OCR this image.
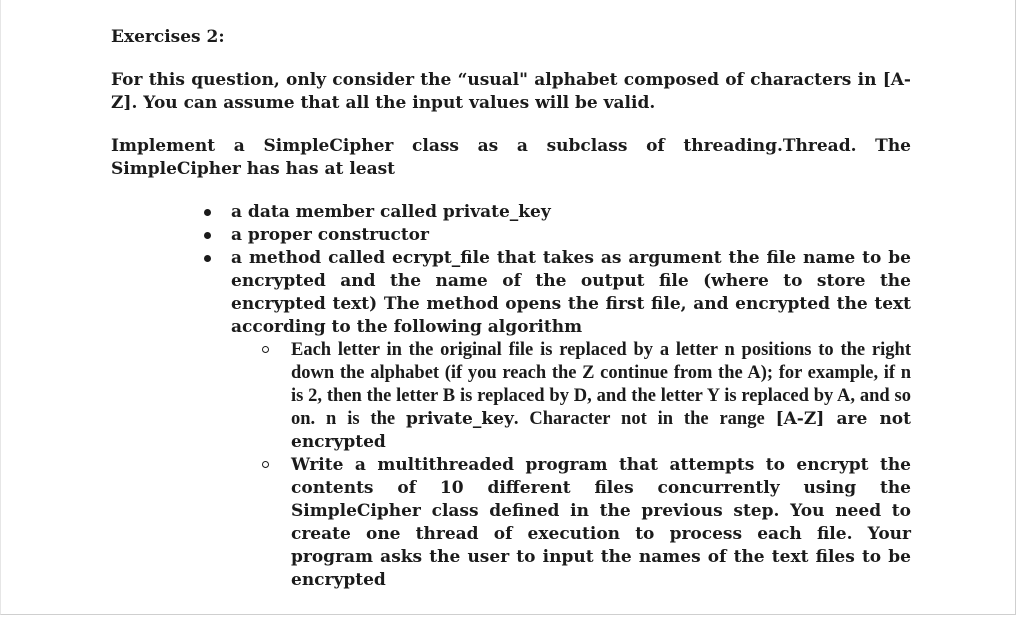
Exercises 2:

For this question, only consider the “usual" alphabet composed of characters in [A-Z]. You can assume that all the input values will be valid.

Implement a SimpleCipher class as a subclass of threading.Thread. The SimpleCipher has has at least

a data member called private_key
a proper constructor
a method called ecrypt_file that takes as argument the file name to be encrypted and the name of the output file (where to store the encrypted text) The method opens the first file, and encrypted the text according to the following algorithm
Each letter in the original file is replaced by a letter n positions to the right down the alphabet (if you reach the Z continue from the A); for example, if n is 2, then the letter B is replaced by D, and the letter Y is replaced by A, and so on. n is the private_key. Character not in the range [A-Z] are not encrypted
Write a multithreaded program that attempts to encrypt the contents of 10 different files concurrently using the SimpleCipher class defined in the previous step. You need to create one thread of execution to process each file. Your program asks the user to input the names of the text files to be encrypted
